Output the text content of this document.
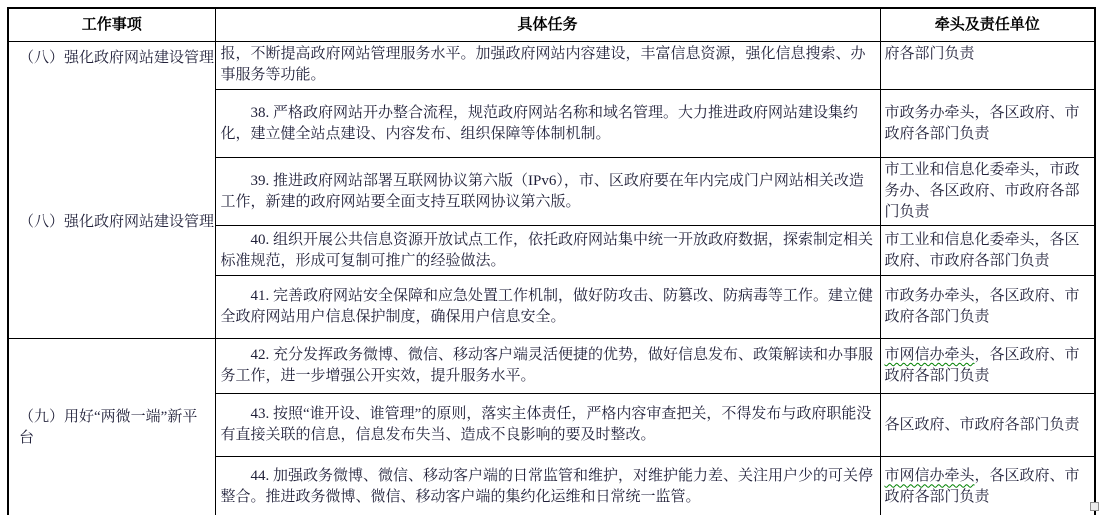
工作事项	具体任务	牵头及责任单位

（八）强化政府网站建设管理
（八）强化政府网站建设管理	报，不断提高政府网站管理服务水平。加强政府网站内容建设，丰富信息资源，强化信息搜索、办事服务等功能。	府各部门负责
	38. 严格政府网站开办整合流程，规范政府网站名称和域名管理。大力推进政府网站建设集约化，建立健全站点建设、内容发布、组织保障等体制机制。	市政务办牵头，各区政府、市政府各部门负责
	39. 推进政府网站部署互联网协议第六版（IPv6），市、区政府要在年内完成门户网站相关改造工作，新建的政府网站要全面支持互联网协议第六版。	市工业和信息化委牵头，市政务办、各区政府、市政府各部门负责
	40. 组织开展公共信息资源开放试点工作，依托政府网站集中统一开放政府数据，探索制定相关标准规范，形成可复制可推广的经验做法。	市工业和信息化委牵头，各区政府、市政府各部门负责
	41. 完善政府网站安全保障和应急处置工作机制，做好防攻击、防篡改、防病毒等工作。建立健全政府网站用户信息保护制度，确保用户信息安全。	市政务办牵头，各区政府、市政府各部门负责
（九）用好“两微一端”新平台	42. 充分发挥政务微博、微信、移动客户端灵活便捷的优势，做好信息发布、政策解读和办事服务工作，进一步增强公开实效，提升服务水平。	市网信办牵头，各区政府、市政府各部门负责
	43. 按照“谁开设、谁管理”的原则，落实主体责任，严格内容审查把关，不得发布与政府职能没有直接关联的信息，信息发布失当、造成不良影响的要及时整改。	各区政府、市政府各部门负责
	44. 加强政务微博、微信、移动客户端的日常监管和维护，对维护能力差、关注用户少的可关停整合。推进政务微博、微信、移动客户端的集约化运维和日常统一监管。	市网信办牵头，各区政府、市政府各部门负责
